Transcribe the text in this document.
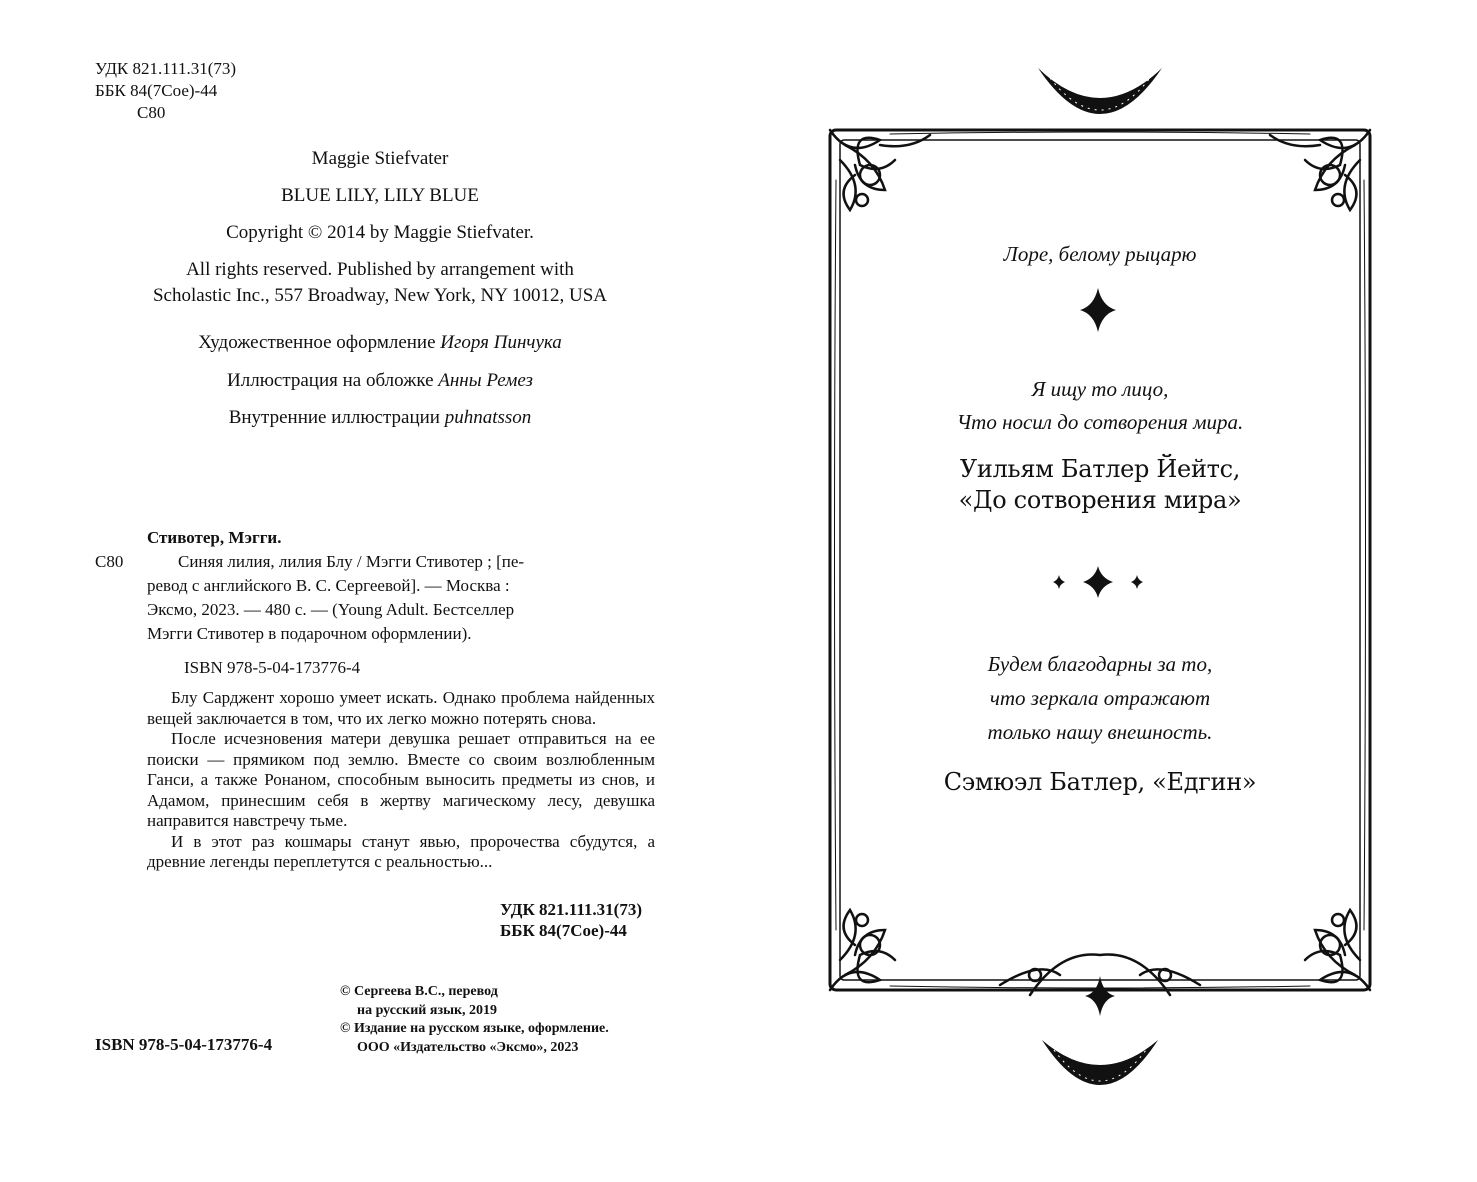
УДК 821.111.31(73)
ББК 84(7Сое)-44
С80
Maggie Stiefvater
BLUE LILY, LILY BLUE
Copyright © 2014 by Maggie Stiefvater.
All rights reserved. Published by arrangement with
Scholastic Inc., 557 Broadway, New York, NY 10012, USA
Художественное оформление Игоря Пинчука
Иллюстрация на обложке Анны Ремез
Внутренние иллюстрации puhnatsson
Стивотер, Мэгги.
С80	Синяя лилия, лилия Блу / Мэгги Стивотер ; [пе-
ревод с английского В. С. Сергеевой]. — Москва :
Эксмо, 2023. — 480 с. — (Young Adult. Бестселлер
Мэгги Стивотер в подарочном оформлении).
ISBN 978-5-04-173776-4

Блу Сарджент хорошо умеет искать. Однако проблема найденных вещей заключается в том, что их легко можно потерять снова.

После исчезновения матери девушка решает отправиться на ее поиски — прямиком под землю. Вместе со своим возлюбленным Ганси, а также Ронаном, способным выносить предметы из снов, и Адамом, принесшим себя в жертву магическому лесу, девушка направится навстречу тьме.

И в этот раз кошмары станут явью, пророчества сбудутся, а древние легенды переплетутся с реальностью...

УДК 821.111.31(73)
ББК 84(7Сое)-44
© Сергеева В.С., перевод
на русский язык, 2019
© Издание на русском языке, оформление.
ООО «Издательство «Эксмо», 2023
ISBN 978-5-04-173776-4
Лоре, белому рыцарю
Я ищу то лицо,
Что носил до сотворения мира.
Уильям Батлер Йейтс,
«До сотворения мира»
Будем благодарны за то,
что зеркала отражают
только нашу внешность.
Сэмюэл Батлер, «Едгин»
